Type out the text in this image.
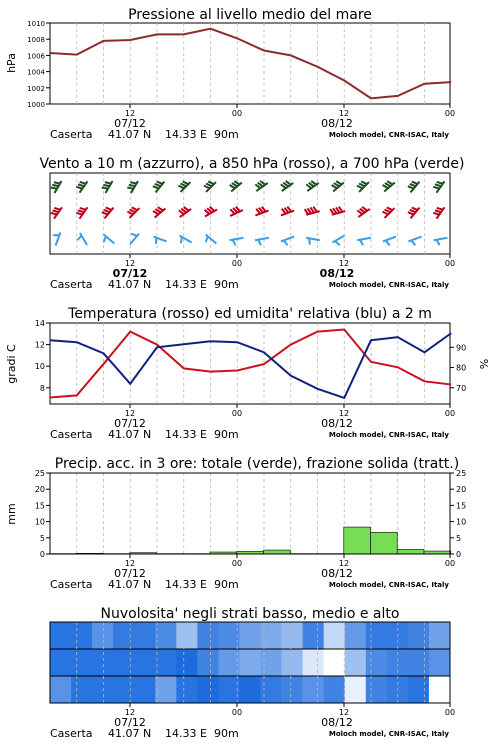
Pressione al livello medio del mare
hPa
1000
1002
1004
1006
1008
1010
12	00	12	00
07/12	08/12
Caserta 41.07 N 14.33 E 90m	Moloch model, CNR-ISAC, Italy
Vento a 10 m (azzurro), a 850 hPa (rosso), a 700 hPa (verde)
12	00	12	00
07/12	08/12
Caserta 41.07 N 14.33 E 90m	Moloch model, CNR-ISAC, Italy
Temperatura (rosso) ed umidita' relativa (blu) a 2 m
gradi C	%
8
10
12
14
70
80
90
12	00	12	00
07/12	08/12
Caserta 41.07 N 14.33 E 90m	Moloch model, CNR-ISAC, Italy
Precip. acc. in 3 ore: totale (verde), frazione solida (tratt.)
mm
0	0
5	5
10	10
15	15
20	20
25	25
12	00	12	00
07/12	08/12
Caserta 41.07 N 14.33 E 90m	Moloch model, CNR-ISAC, Italy
Nuvolosita' negli strati basso, medio e alto
12	00	12	00
07/12	08/12
Caserta 41.07 N 14.33 E 90m	Moloch model, CNR-ISAC, Italy
